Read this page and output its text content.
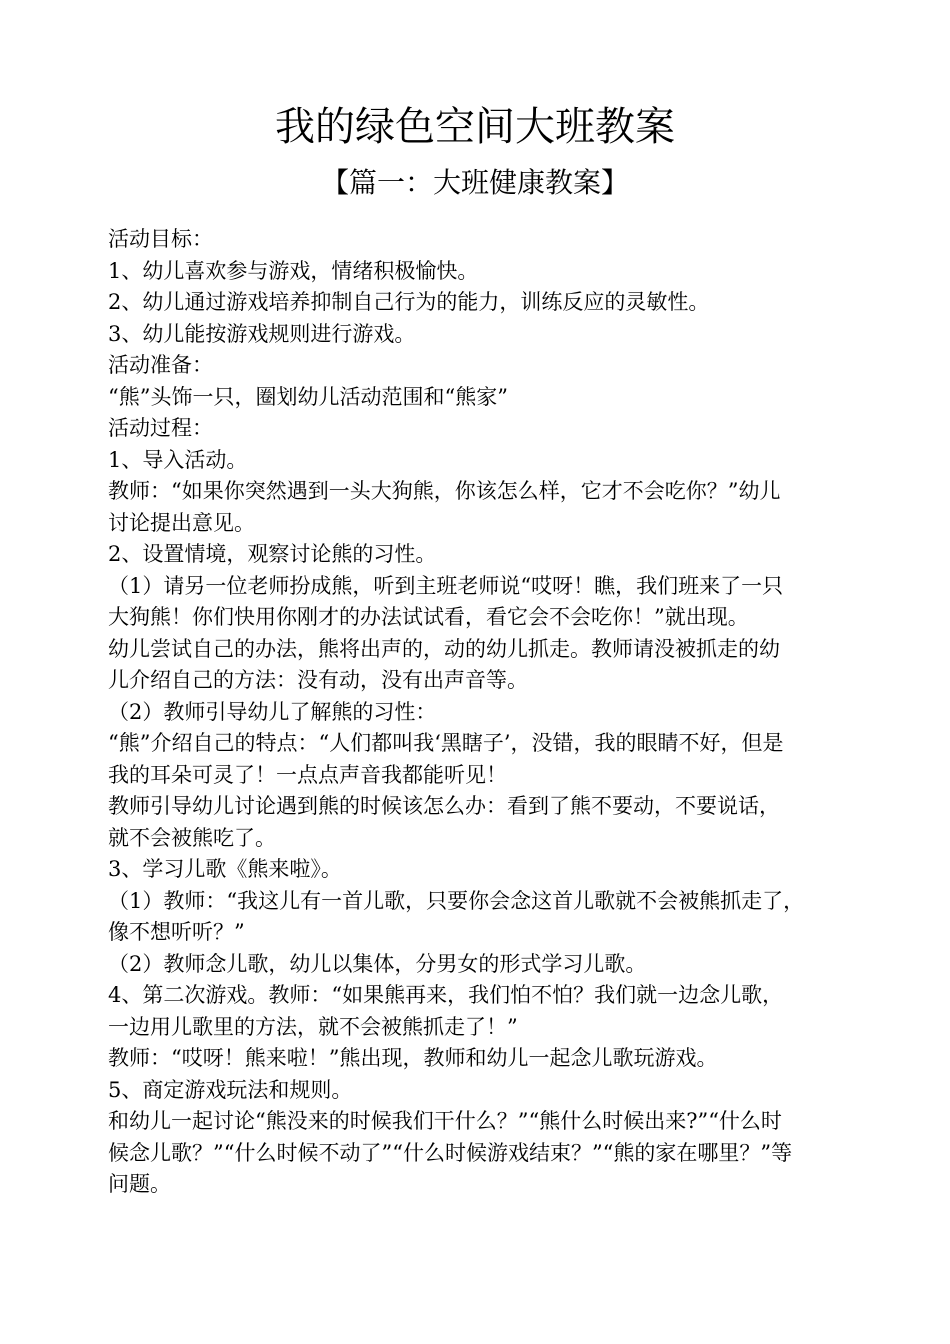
我的绿色空间大班教案
【篇一：大班健康教案】
活动目标：
1、幼儿喜欢参与游戏，情绪积极愉快。
2、幼儿通过游戏培养抑制自己行为的能力，训练反应的灵敏性。
3、幼儿能按游戏规则进行游戏。
活动准备：
“熊”头饰一只，圈划幼儿活动范围和“熊家”
活动过程：
1、导入活动。
教师：“如果你突然遇到一头大狗熊，你该怎么样，它才不会吃你？”幼儿
讨论提出意见。
2、设置情境，观察讨论熊的习性。
（1）请另一位老师扮成熊，听到主班老师说“哎呀！瞧，我们班来了一只
大狗熊！你们快用你刚才的办法试试看，看它会不会吃你！”就出现。
幼儿尝试自己的办法，熊将出声的，动的幼儿抓走。教师请没被抓走的幼
儿介绍自己的方法：没有动，没有出声音等。
（2）教师引导幼儿了解熊的习性：
“熊”介绍自己的特点：“人们都叫我‘黑瞎子’，没错，我的眼睛不好，但是
我的耳朵可灵了！一点点声音我都能听见！
教师引导幼儿讨论遇到熊的时候该怎么办：看到了熊不要动，不要说话，
就不会被熊吃了。
3、学习儿歌《熊来啦》。
（1）教师：“我这儿有一首儿歌，只要你会念这首儿歌就不会被熊抓走了，
像不想听听？”
（2）教师念儿歌，幼儿以集体，分男女的形式学习儿歌。
4、第二次游戏。教师：“如果熊再来，我们怕不怕？我们就一边念儿歌，
一边用儿歌里的方法，就不会被熊抓走了！”
教师：“哎呀！熊来啦！”熊出现，教师和幼儿一起念儿歌玩游戏。
5、商定游戏玩法和规则。
和幼儿一起讨论“熊没来的时候我们干什么？”“熊什么时候出来?”“什么时
候念儿歌？”“什么时候不动了”“什么时候游戏结束？”“熊的家在哪里？”等
问题。
